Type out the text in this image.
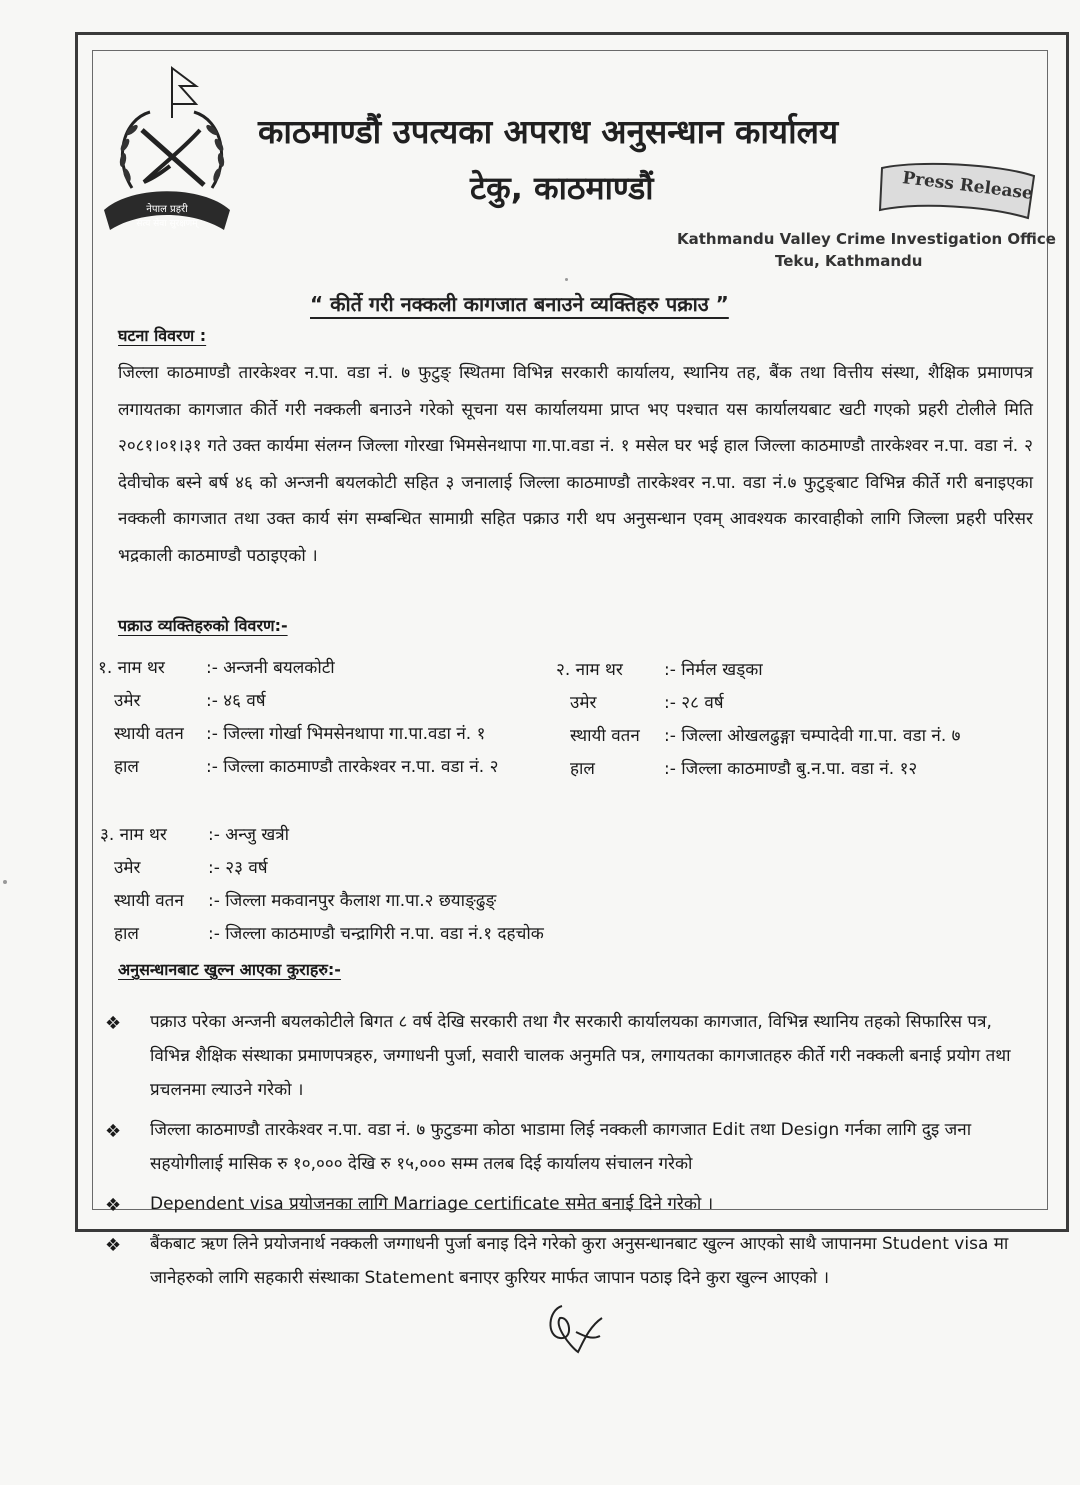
नेपाल प्रहरी
सत्य सेवा सुरक्षणम्
काठमाण्डौं उपत्यका अपराध अनुसन्धान कार्यालय
टेकु, काठमाण्डौं	Press Release
Kathmandu Valley Crime Investigation Office
Teku, Kathmandu
“ कीर्ते गरी नक्कली कागजात बनाउने व्यक्तिहरु पक्राउ ”
घटना विवरण :

जिल्ला काठमाण्डौ तारकेश्वर न.पा. वडा नं. ७ फुटुङ् स्थितमा विभिन्न सरकारी कार्यालय, स्थानिय तह, बैंक तथा वित्तीय संस्था, शैक्षिक प्रमाणपत्र लगायतका कागजात कीर्ते गरी नक्कली बनाउने गरेको सूचना यस कार्यालयमा प्राप्त भए पश्चात यस कार्यालयबाट खटी गएको प्रहरी टोलीले मिति २०८१।०१।३१ गते उक्त कार्यमा संलग्न जिल्ला गोरखा भिमसेनथापा गा.पा.वडा नं. १ मसेल घर भई हाल जिल्ला काठमाण्डौ तारकेश्वर न.पा. वडा नं. २ देवीचोक बस्ने बर्ष ४६ को अन्जनी बयलकोटी सहित ३ जनालाई जिल्ला काठमाण्डौ तारकेश्वर न.पा. वडा नं.७ फुटुङ्बाट विभिन्न कीर्ते गरी बनाइएका नक्कली कागजात तथा उक्त कार्य संग सम्बन्धित सामाग्री सहित पक्राउ गरी थप अनुसन्धान एवम् आवश्यक कारवाहीको लागि जिल्ला प्रहरी परिसर भद्रकाली काठमाण्डौ पठाइएको ।

पक्राउ व्यक्तिहरुको विवरण:-
१. नाम थर :- अन्जनी बयलकोटी
उमेर	:- ४६ वर्ष
स्थायी वतन :- जिल्ला गोर्खा भिमसेनथापा गा.पा.वडा नं. १
हाल	:- जिल्ला काठमाण्डौ तारकेश्वर न.पा. वडा नं. २
२. नाम थर :- निर्मल खड्का
उमेर	:- २८ वर्ष
स्थायी वतन :- जिल्ला ओखलढुङ्गा चम्पादेवी गा.पा. वडा नं. ७
हाल	:- जिल्ला काठमाण्डौ बु.न.पा. वडा नं. १२
३. नाम थर :- अन्जु खत्री
उमेर	:- २३ वर्ष
स्थायी वतन :- जिल्ला मकवानपुर कैलाश गा.पा.२ छयाङ्ढुङ्
हाल	:- जिल्ला काठमाण्डौ चन्द्रागिरी न.पा. वडा नं.१ दहचोक
अनुसन्धानबाट खुल्न आएका कुराहरु:-
❖ पक्राउ परेका अन्जनी बयलकोटीले बिगत ८ वर्ष देखि सरकारी तथा गैर सरकारी कार्यालयका कागजात, विभिन्न स्थानिय तहको सिफारिस पत्र, विभिन्न शैक्षिक संस्थाका प्रमाणपत्रहरु, जग्गाधनी पुर्जा, सवारी चालक अनुमति पत्र, लगायतका कागजातहरु कीर्ते गरी नक्कली बनाई प्रयोग तथा प्रचलनमा ल्याउने गरेको ।
❖ जिल्ला काठमाण्डौ तारकेश्वर न.पा. वडा नं. ७ फुटुङमा कोठा भाडामा लिई नक्कली कागजात Edit तथा Design गर्नका लागि दुइ जना सहयोगीलाई मासिक रु १०,००० देखि रु १५,००० सम्म तलब दिई कार्यालय संचालन गरेको
❖ Dependent visa प्रयोजनका लागि Marriage certificate समेत बनाई दिने गरेको ।
❖ बैंकबाट ऋण लिने प्रयोजनार्थ नक्कली जग्गाधनी पुर्जा बनाइ दिने गरेको कुरा अनुसन्धानबाट खुल्न आएको साथै जापानमा Student visa मा जानेहरुको लागि सहकारी संस्थाका Statement बनाएर कुरियर मार्फत जापान पठाइ दिने कुरा खुल्न आएको ।
